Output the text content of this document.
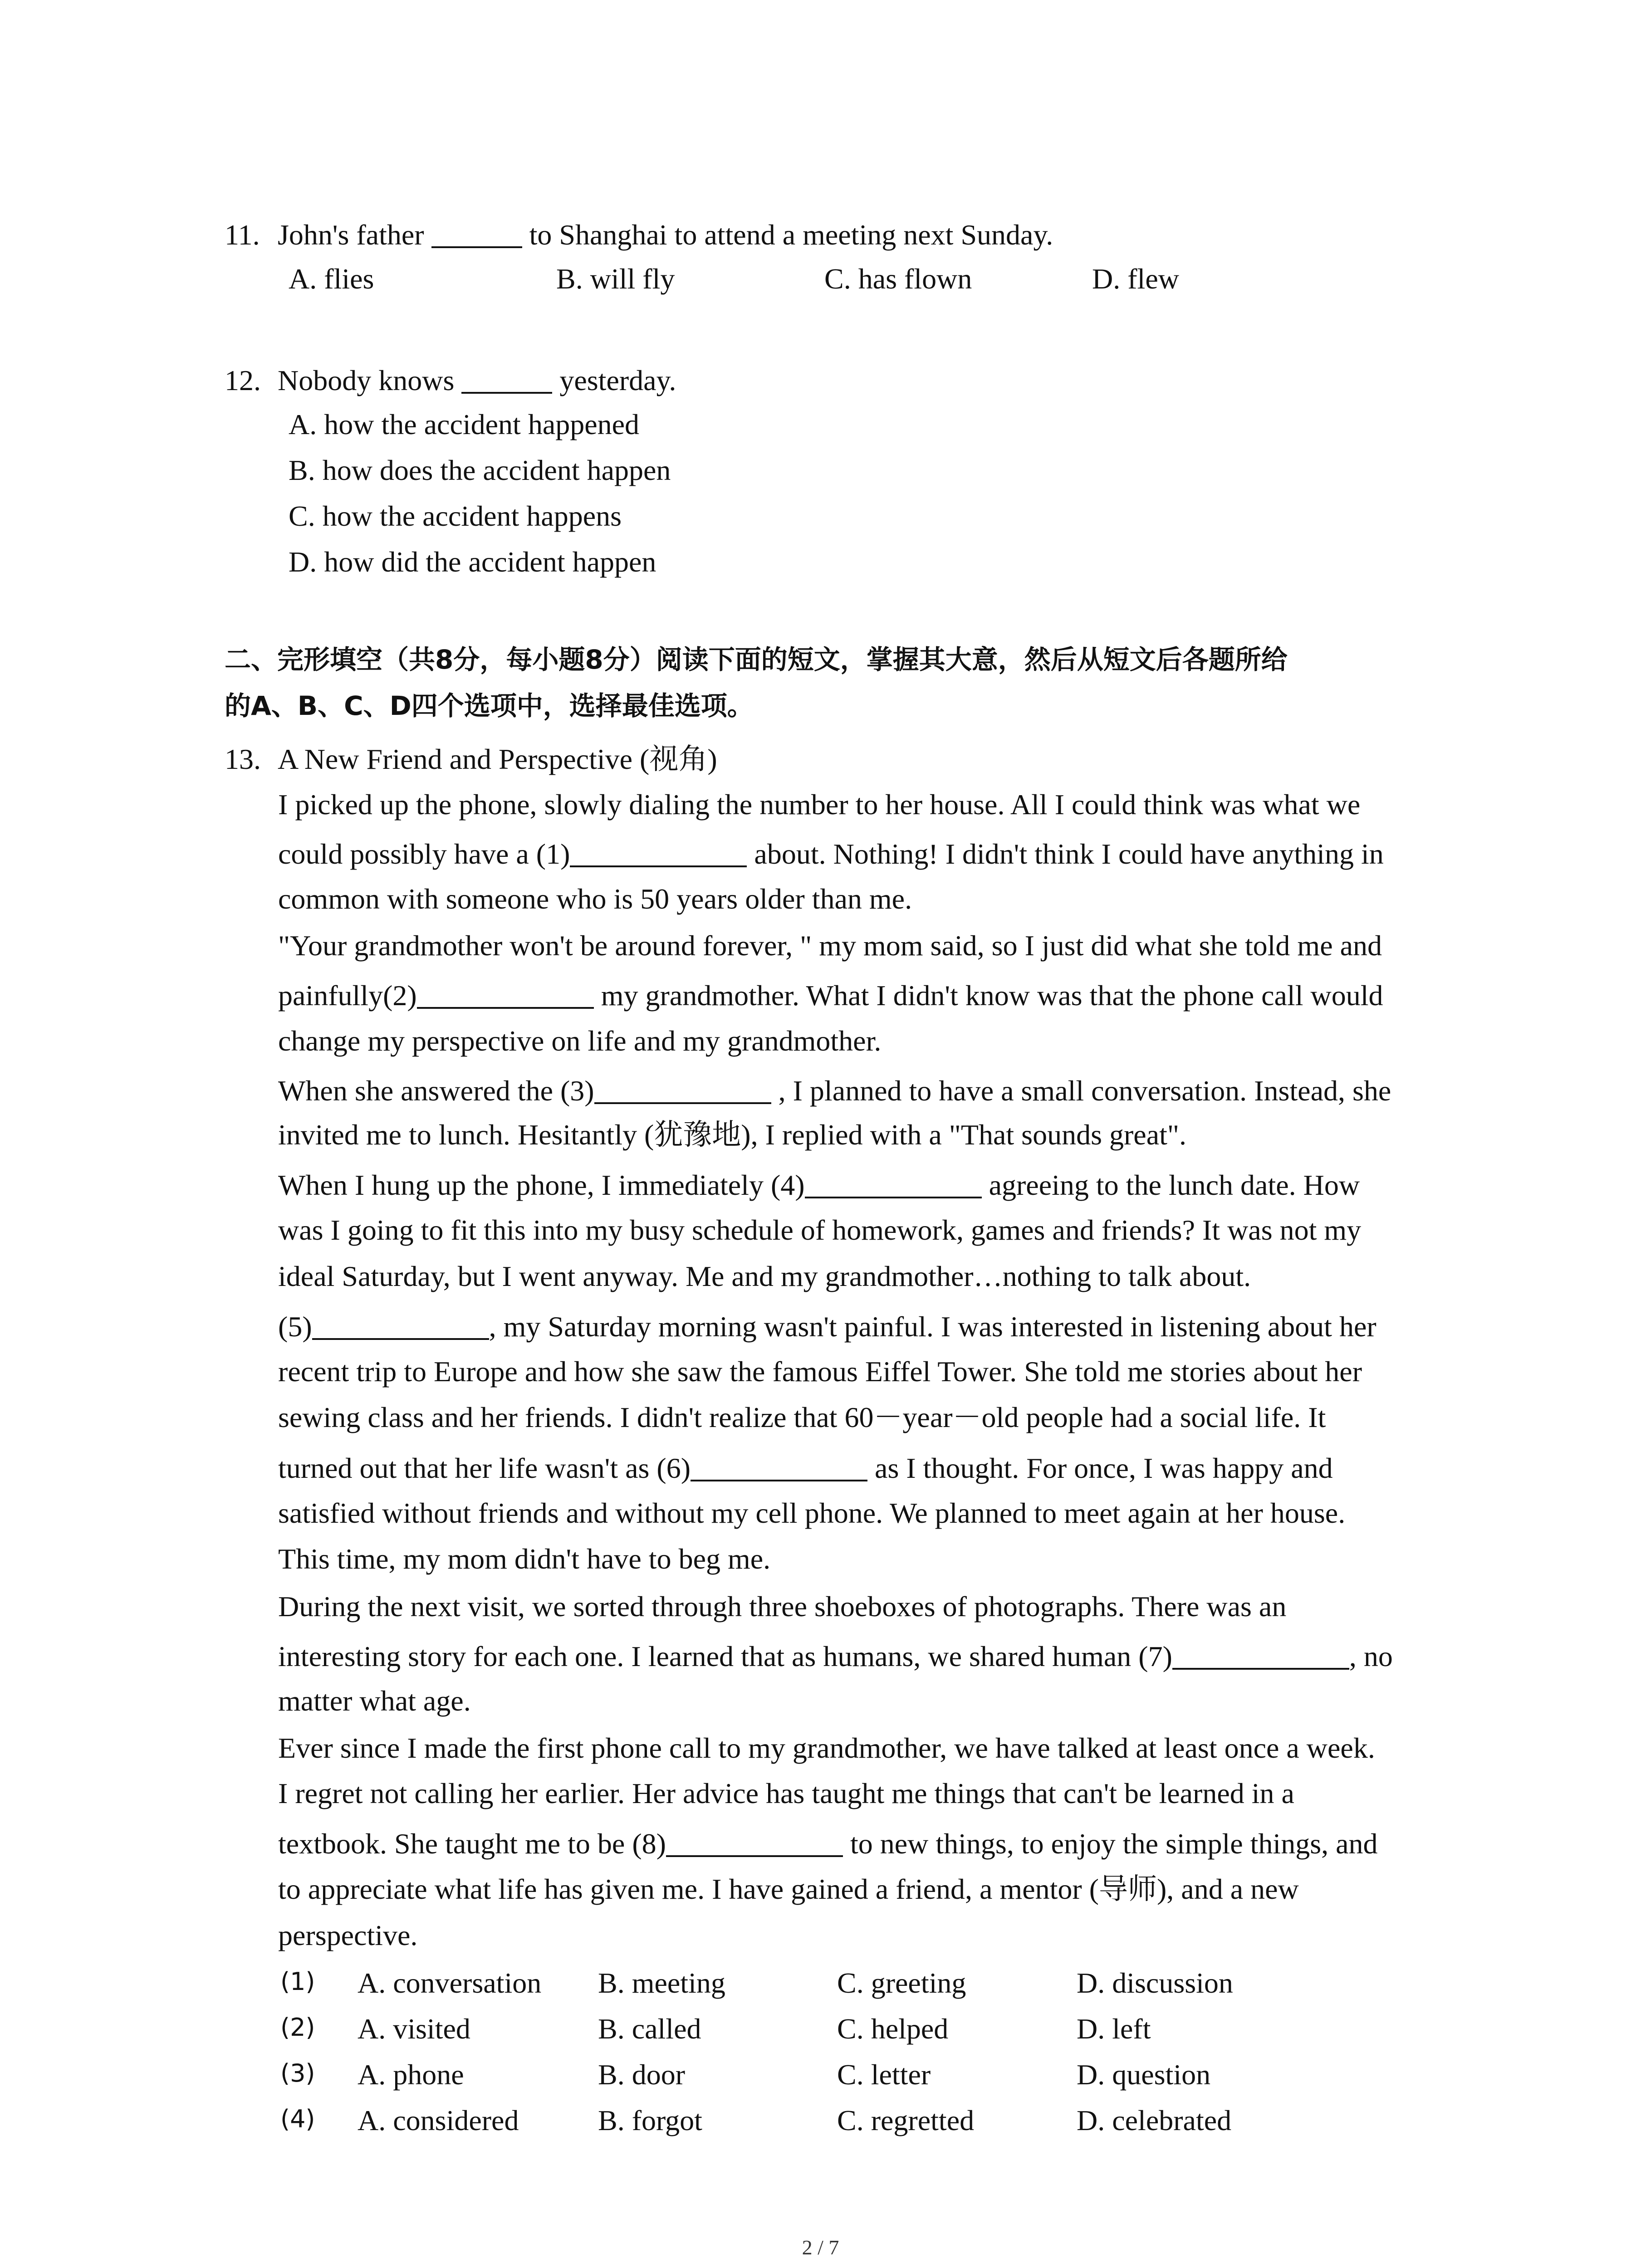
11. John's father	to Shanghai to attend a meeting next Sunday.
A. flies	B. will fly	C. has flown	D. flew
12. Nobody knows	yesterday.
A. how the accident happened
B. how does the accident happen
C. how the accident happens
D. how did the accident happen
二、完形填空（共8分，每小题8分）阅读下面的短文，掌握其大意，然后从短文后各题所给
的A、B、C、D四个选项中，选择最佳选项。
13. A New Friend and Perspective (视角)
I picked up the phone, slowly dialing the number to her house. All I could think was what we
could possibly have a (1)	about. Nothing! I didn't think I could have anything in
common with someone who is 50 years older than me.
"Your grandmother won't be around forever, " my mom said, so I just did what she told me and
painfully(2)	my grandmother. What I didn't know was that the phone call would
change my perspective on life and my grandmother.
When she answered the (3)	, I planned to have a small conversation. Instead, she
invited me to lunch. Hesitantly (犹豫地), I replied with a "That sounds great".
When I hung up the phone, I immediately (4)	agreeing to the lunch date. How
was I going to fit this into my busy schedule of homework, games and friends? It was not my
ideal Saturday, but I went anyway. Me and my grandmother…nothing to talk about.
(5)	, my Saturday morning wasn't painful. I was interested in listening about her
recent trip to Europe and how she saw the famous Eiffel Tower. She told me stories about her
sewing class and her friends. I didn't realize that 60－year－old people had a social life. It
turned out that her life wasn't as (6)	as I thought. For once, I was happy and
satisfied without friends and without my cell phone. We planned to meet again at her house.
This time, my mom didn't have to beg me.
During the next visit, we sorted through three shoeboxes of photographs. There was an
interesting story for each one. I learned that as humans, we shared human (7)	, no
matter what age.
Ever since I made the first phone call to my grandmother, we have talked at least once a week.
I regret not calling her earlier. Her advice has taught me things that can't be learned in a
textbook. She taught me to be (8)	to new things, to enjoy the simple things, and
to appreciate what life has given me. I have gained a friend, a mentor (导师), and a new
perspective.
(1) A. conversation B. meeting	C. greeting	D. discussion
(2) A. visited	B. called	C. helped	D. left
(3) A. phone	B. door	C. letter	D. question
(4) A. considered	B. forgot	C. regretted	D. celebrated
2 / 7
